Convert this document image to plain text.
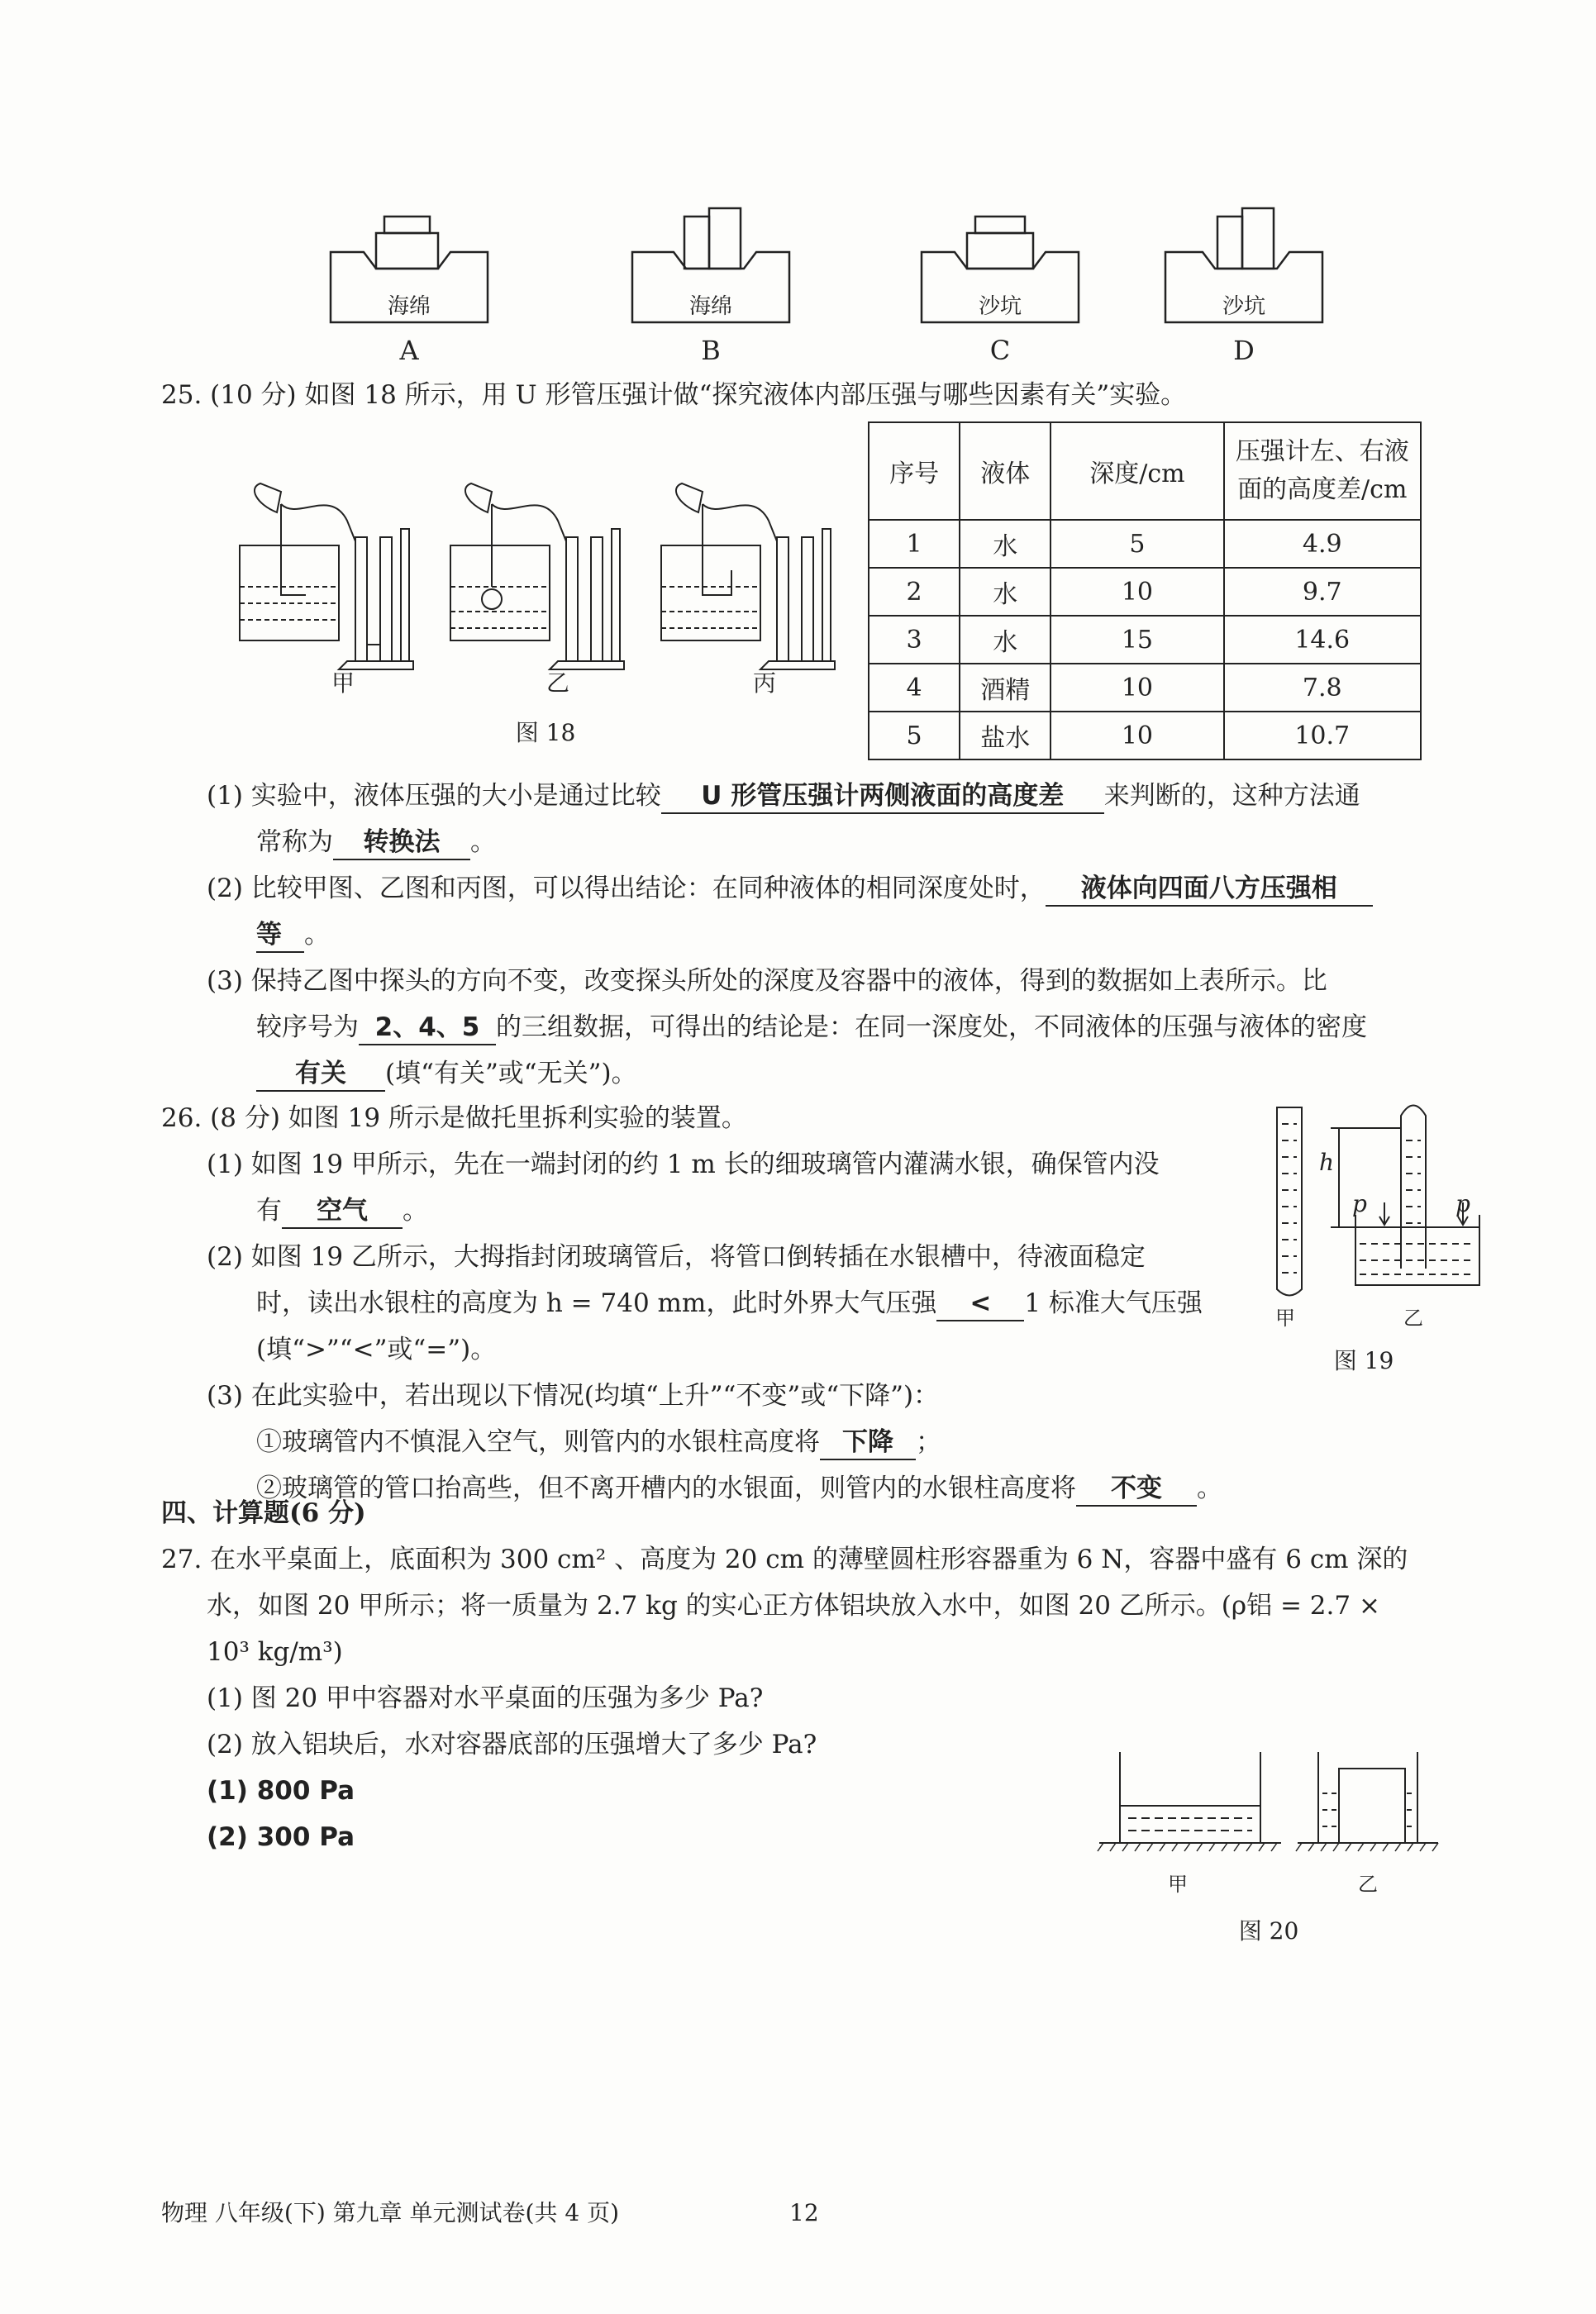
海绵	海绵	沙坑	沙坑
A	B	C	D
25. (10 分) 如图 18 所示，用 U 形管压强计做“探究液体内部压强与哪些因素有关”实验。
甲	乙	丙
图 18
序号	液体	深度/cm	压强计左、右液
面的高度差/cm

1	水	5	4.9
2	水	10	9.7
3	水	15	14.6
4	酒精	10	7.8
5	盐水	10	10.7
(1) 实验中，液体压强的大小是通过比较 U 形管压强计两侧液面的高度差 来判断的，这种方法通
常称为 转换法 。
(2) 比较甲图、乙图和丙图，可以得出结论：在同种液体的相同深度处时， 液体向四面八方压强相
等 。
(3) 保持乙图中探头的方向不变，改变探头所处的深度及容器中的液体，得到的数据如上表所示。比
较序号为 2、4、5 的三组数据，可得出的结论是：在同一深度处，不同液体的压强与液体的密度
有关 (填“有关”或“无关”)。
26. (8 分) 如图 19 所示是做托里拆利实验的装置。
(1) 如图 19 甲所示，先在一端封闭的约 1 m 长的细玻璃管内灌满水银，确保管内没
有 空气 。
(2) 如图 19 乙所示，大拇指封闭玻璃管后，将管口倒转插在水银槽中，待液面稳定
时，读出水银柱的高度为 h = 740 mm，此时外界大气压强 < 1 标准大气压强
(填“>”“<”或“=”)。
(3) 在此实验中，若出现以下情况(均填“上升”“不变”或“下降”)：
①玻璃管内不慎混入空气，则管内的水银柱高度将 下降 ；
②玻璃管的管口抬高些，但不离开槽内的水银面，则管内的水银柱高度将 不变 。
h
p	p
甲	乙
图 19
四、计算题(6 分)
27. 在水平桌面上，底面积为 300 cm² 、高度为 20 cm 的薄壁圆柱形容器重为 6 N，容器中盛有 6 cm 深的
水，如图 20 甲所示；将一质量为 2.7 kg 的实心正方体铝块放入水中，如图 20 乙所示。(ρ铝 = 2.7 ×
10³ kg/m³)
(1) 图 20 甲中容器对水平桌面的压强为多少 Pa?
(2) 放入铝块后，水对容器底部的压强增大了多少 Pa?
(1) 800 Pa
(2) 300 Pa
甲	乙
图 20
物理 八年级(下) 第九章 单元测试卷(共 4 页)	12
